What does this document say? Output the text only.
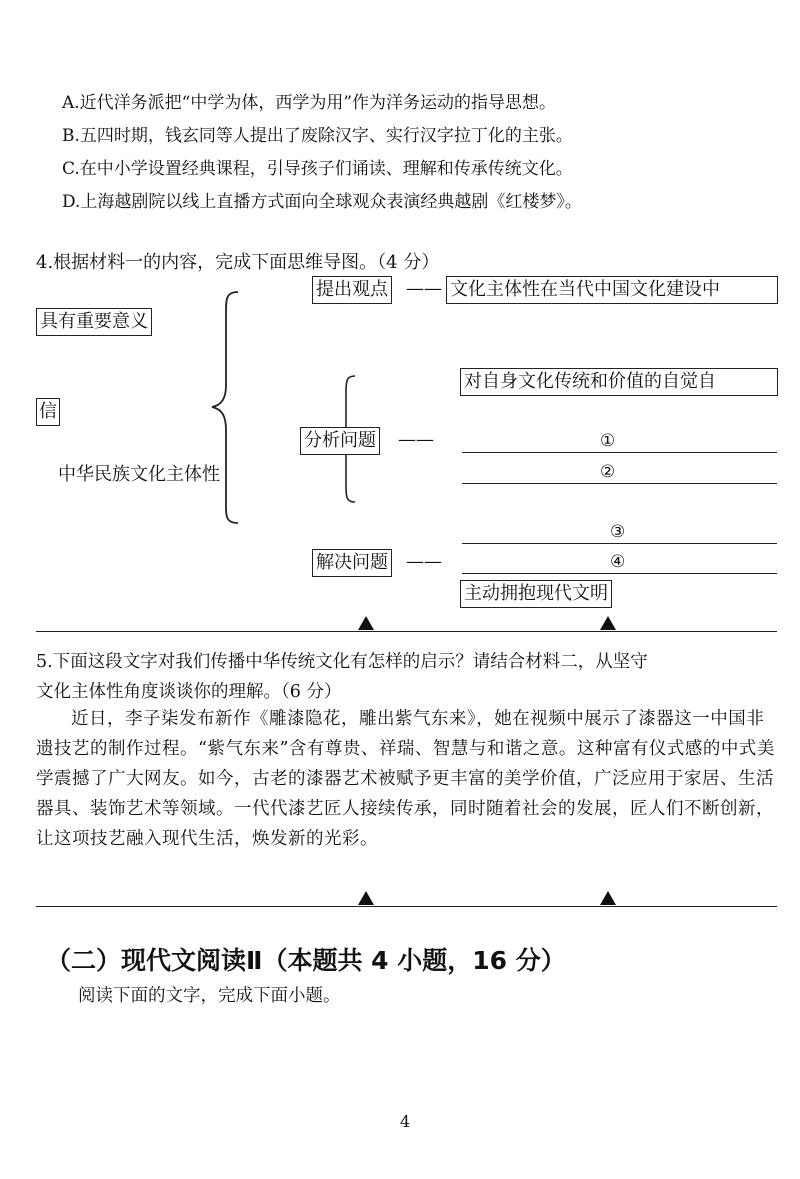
A.近代洋务派把“中学为体，西学为用”作为洋务运动的指导思想。
B.五四时期，钱玄同等人提出了废除汉字、实行汉字拉丁化的主张。
C.在中小学设置经典课程，引导孩子们诵读、理解和传承传统文化。
D.上海越剧院以线上直播方式面向全球观众表演经典越剧《红楼梦》。
4.根据材料一的内容，完成下面思维导图。（4 分）
具有重要意义
信
中华民族文化主体性
提出观点 —— 文化主体性在当代中国文化建设中
对自身文化传统和价值的自觉自
分析问题 ——	①
②
③
解决问题 ——	④
主动拥抱现代文明
5.下面这段文字对我们传播中华传统文化有怎样的启示？请结合材料二，从坚守
文化主体性角度谈谈你的理解。（6 分）

近日，李子柒发布新作《雕漆隐花，雕出紫气东来》，她在视频中展示了漆器这一中国非遗技艺的制作过程。“紫气东来”含有尊贵、祥瑞、智慧与和谐之意。这种富有仪式感的中式美学震撼了广大网友。如今，古老的漆器艺术被赋予更丰富的美学价值，广泛应用于家居、生活器具、装饰艺术等领域。一代代漆艺匠人接续传承，同时随着社会的发展，匠人们不断创新，让这项技艺融入现代生活，焕发新的光彩。

（二）现代文阅读Ⅱ（本题共 4 小题，16 分）
阅读下面的文字，完成下面小题。
4
